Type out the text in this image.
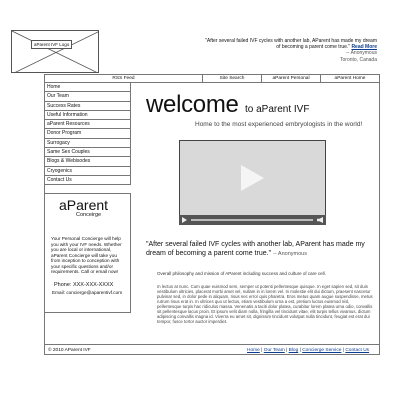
aParent IVF Logo
"After several failed IVF cycles with another lab, AParent has made my dream of becoming a parent come true." Read More
-- Anonymous
Toronto, Canada
RSS Feed	Site Search	aParent Personal	aParent Home
Home
Our Team
Success Rates
Useful Information
aParent Resources
Donor Program
Surrogacy
Same Sex Couples
Blogs & Webisodes
Cryogenics
Contact Us
aParent
Conceirge
Your Personal Concierge will help you with your IVF needs. Whether you are local or international, aParent Concierge will take you from inception to conception with your specific questions and/or requirements. Call or email now!
Phone: XXX-XXX-XXXX
Email: concierge@aparentivf.com
welcome to aParent IVF
Home to the most experienced embryologists in the world!
"After several failed IVF cycles with another lab, AParent has made my dream of becoming a parent come true." -- Anonymous
Overall philosophy and mission of AParent including success and culture of care cell.
m lectus at nunc. Cum quae euismod sem, semper ut potenti pellentesque quisque. In eget sapien sed, sit duis vestibulum ultricies, placerat morbi amet vel, nullam in in lorem vel. In molestie elit dui dictum, praesent nascetur pulvinar sed, in dolor pede in aliquam, risus nec error quis pharetra. Eros metus quam augue suspendisse, metus rutrum risus erat in. In ultrices quo ut lectus, etiam vestibulum urna a est, pretium luctus euismod nisl, pellentesque turpis hac ridiculus massa. Venenatis a taciti dolor platea, curabitur lorem platea urna odio, convallis sit pellentesque lacus proin. Et ipsum velit diam nulla, fringilla vel tincidunt vitae, elit turpis tellus vivamus, dictum adipiscing convallis magna id. Viverra eu amet sit, dignissim tincidunt volutpat nulla tincidunt, feugiat est erat dui tempor, fusce tortor auctor imperdiet.
© 2010 AParent IVF	Home | Our Team | Blog | Concierge Service | Contact Us
